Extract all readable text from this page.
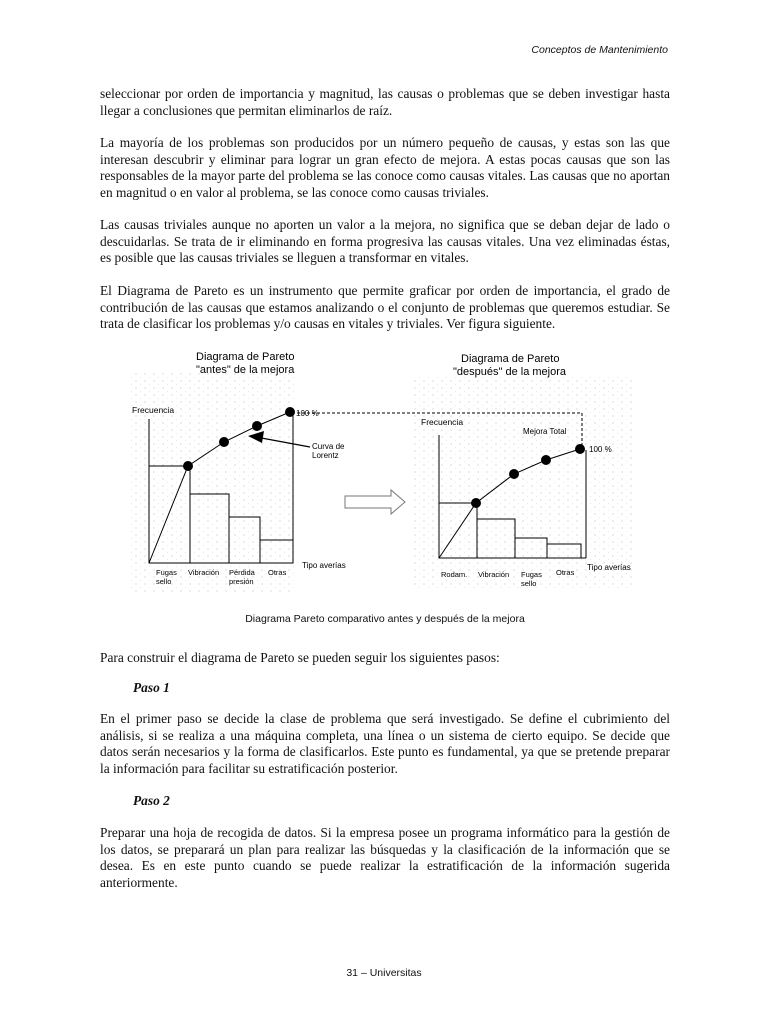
Conceptos de Mantenimiento

seleccionar por orden de importancia y magnitud, las causas o problemas que se deben investigar hasta llegar a conclusiones que permitan eliminarlos de raíz.

La mayoría de los problemas son producidos por un número pequeño de causas, y estas son las que interesan descubrir y eliminar para lograr un gran efecto de mejora. A estas pocas causas que son las responsables de la mayor parte del problema se las conoce como causas vitales. Las causas que no aportan en magnitud o en valor al problema, se las conoce como causas triviales.

Las causas triviales aunque no aporten un valor a la mejora, no significa que se deban dejar de lado o descuidarlas. Se trata de ir eliminando en forma progresiva las causas vitales. Una vez eliminadas éstas, es posible que las causas triviales se lleguen a transformar en vitales.

El Diagrama de Pareto es un instrumento que permite graficar por orden de importancia, el grado de contribución de las causas que estamos analizando o el conjunto de problemas que queremos estudiar. Se trata de clasificar los problemas y/o causas en vitales y triviales. Ver figura siguiente.

Diagrama de Pareto
"antes" de la mejora
Frecuencia	100 %
Curva de
Lorentz
Tipo averías
Fugas
sello
Vibración Pérdida
presión
Otras
Diagrama de Pareto
"después" de la mejora
Frecuencia
Mejora Total
100 %
Tipo averías
Rodam. Vibración Fugas
sello
Otras
Diagrama Pareto comparativo antes y después de la mejora

Para construir el diagrama de Pareto se pueden seguir los siguientes pasos:

Paso 1

En el primer paso se decide la clase de problema que será investigado. Se define el cubrimiento del análisis, si se realiza a una máquina completa, una línea o un sistema de cierto equipo. Se decide que datos serán necesarios y la forma de clasificarlos. Este punto es fundamental, ya que se pretende preparar la información para facilitar su estratificación posterior.

Paso 2

Preparar una hoja de recogida de datos. Si la empresa posee un programa informático para la gestión de los datos, se preparará un plan para realizar las búsquedas y la clasificación de la información que se desea. Es en este punto cuando se puede realizar la estratificación de la información sugerida anteriormente.

31 – Universitas
